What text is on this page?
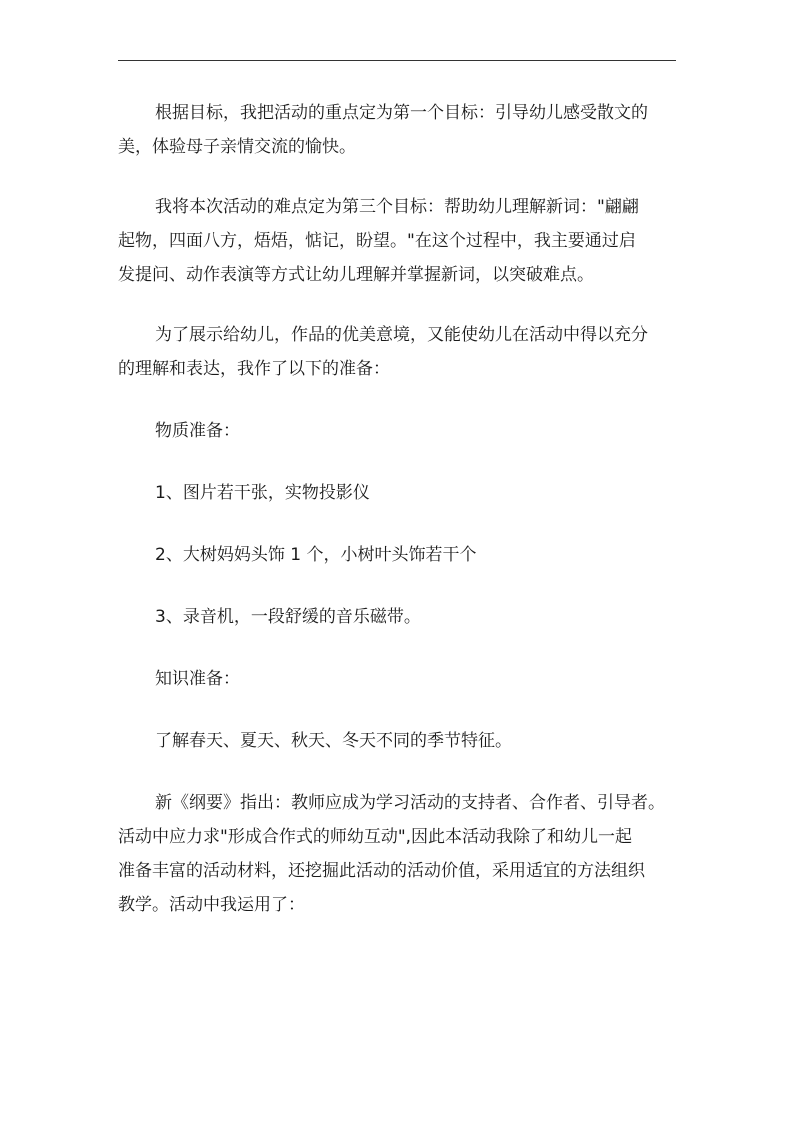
根据目标，我把活动的重点定为第一个目标：引导幼儿感受散文的
美，体验母子亲情交流的愉快。
我将本次活动的难点定为第三个目标：帮助幼儿理解新词："翩翩
起物，四面八方，焐焐，惦记，盼望。"在这个过程中，我主要通过启
发提问、动作表演等方式让幼儿理解并掌握新词，以突破难点。
为了展示给幼儿，作品的优美意境，又能使幼儿在活动中得以充分
的理解和表达，我作了以下的准备：
物质准备：
1、图片若干张，实物投影仪
2、大树妈妈头饰 1 个，小树叶头饰若干个
3、录音机，一段舒缓的音乐磁带。
知识准备：
了解春天、夏天、秋天、冬天不同的季节特征。
新《纲要》指出：教师应成为学习活动的支持者、合作者、引导者。
活动中应力求"形成合作式的师幼互动",因此本活动我除了和幼儿一起
准备丰富的活动材料，还挖掘此活动的活动价值，采用适宜的方法组织
教学。活动中我运用了：
